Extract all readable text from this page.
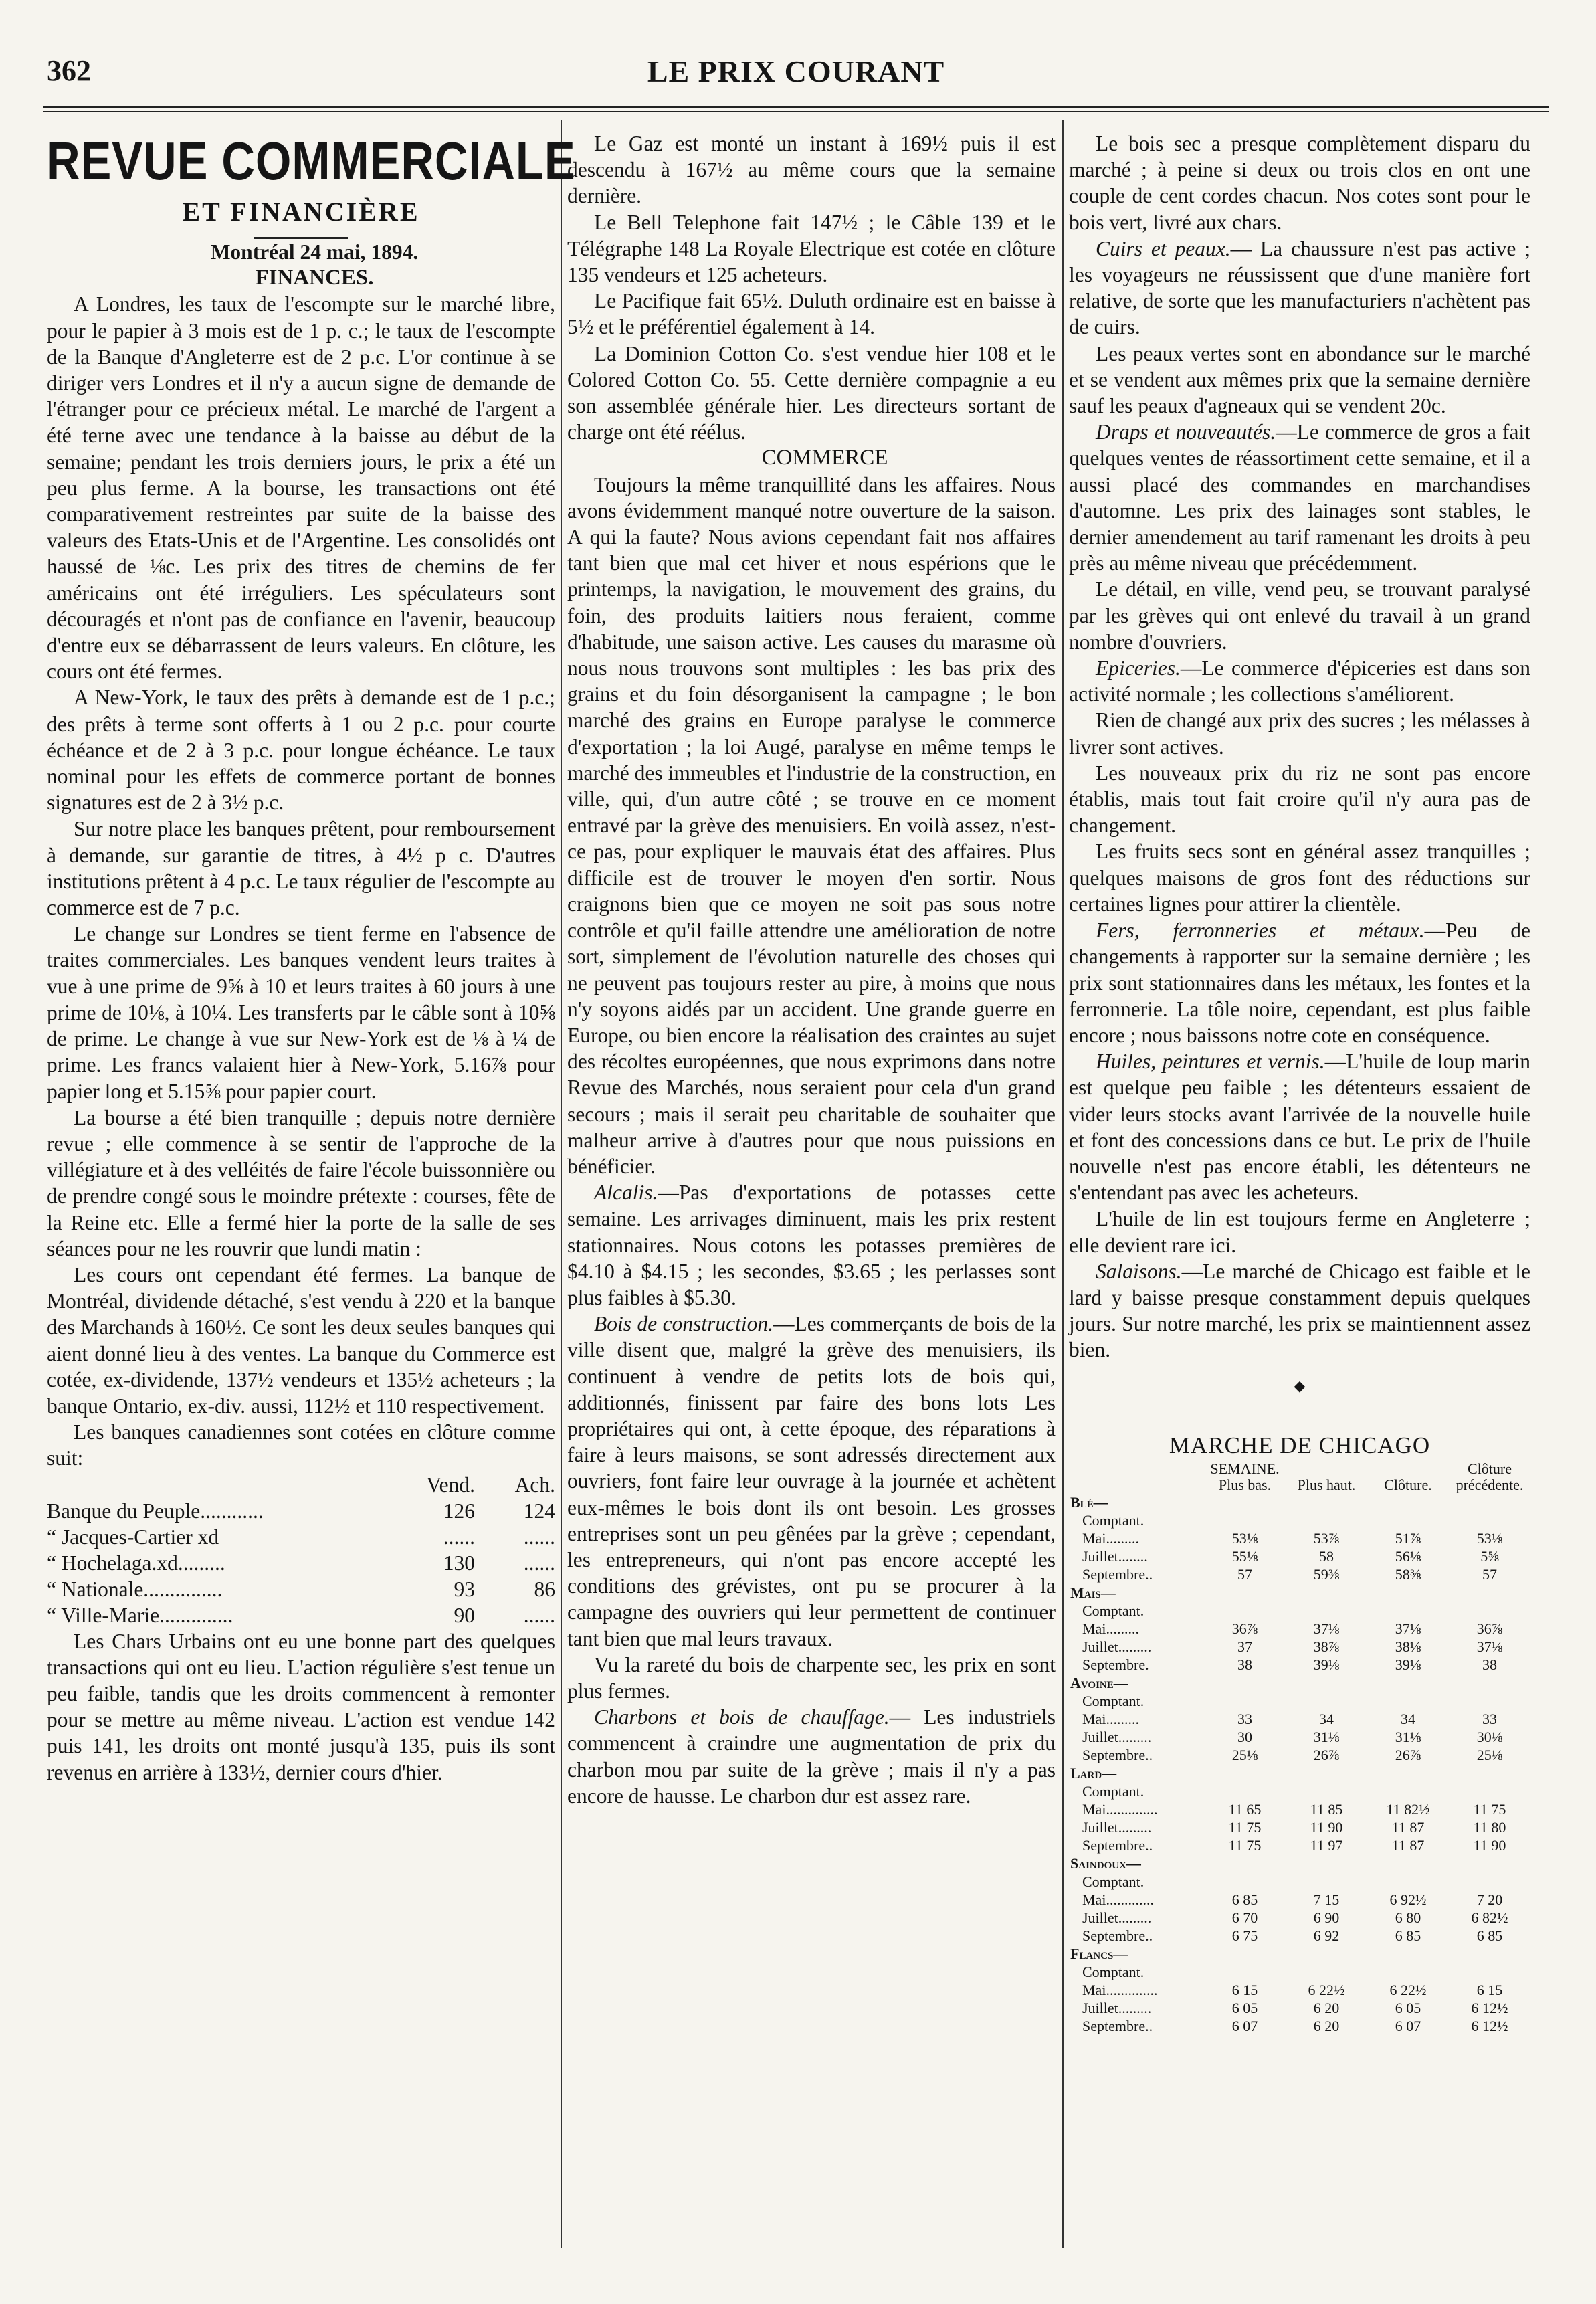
362	LE PRIX COURANT
REVUE COMMERCIALE
ET FINANCIÈRE

Montréal 24 mai, 1894.

FINANCES.

A Londres, les taux de l'escompte sur le marché libre, pour le papier à 3 mois est de 1 p. c.; le taux de l'escompte de la Banque d'Angleterre est de 2 p.c. L'or continue à se diriger vers Londres et il n'y a aucun signe de demande de l'étranger pour ce précieux métal. Le marché de l'argent a été terne avec une tendance à la baisse au début de la semaine; pendant les trois derniers jours, le prix a été un peu plus ferme. A la bourse, les transactions ont été comparativement restreintes par suite de la baisse des valeurs des Etats-Unis et de l'Argentine. Les consolidés ont haussé de ⅛c. Les prix des titres de chemins de fer américains ont été irréguliers. Les spéculateurs sont découragés et n'ont pas de confiance en l'avenir, beaucoup d'entre eux se débarrassent de leurs valeurs. En clôture, les cours ont été fermes.

A New-York, le taux des prêts à demande est de 1 p.c.; des prêts à terme sont offerts à 1 ou 2 p.c. pour courte échéance et de 2 à 3 p.c. pour longue échéance. Le taux nominal pour les effets de commerce portant de bonnes signatures est de 2 à 3½ p.c.

Sur notre place les banques prêtent, pour remboursement à demande, sur garantie de titres, à 4½ p c. D'autres institutions prêtent à 4 p.c. Le taux régulier de l'escompte au commerce est de 7 p.c.

Le change sur Londres se tient ferme en l'absence de traites commerciales. Les banques vendent leurs traites à vue à une prime de 9⅝ à 10 et leurs traites à 60 jours à une prime de 10⅛, à 10¼. Les transferts par le câble sont à 10⅝ de prime. Le change à vue sur New-York est de ⅛ à ¼ de prime. Les francs valaient hier à New-York, 5.16⅞ pour papier long et 5.15⅝ pour papier court.

La bourse a été bien tranquille ; depuis notre dernière revue ; elle commence à se sentir de l'approche de la villégiature et à des velléités de faire l'école buissonnière ou de prendre congé sous le moindre prétexte : courses, fête de la Reine etc. Elle a fermé hier la porte de la salle de ses séances pour ne les rouvrir que lundi matin :

Les cours ont cependant été fermes. La banque de Montréal, dividende détaché, s'est vendu à 220 et la banque des Marchands à 160½. Ce sont les deux seules banques qui aient donné lieu à des ventes. La banque du Commerce est cotée, ex-dividende, 137½ vendeurs et 135½ acheteurs ; la banque Ontario, ex-div. aussi, 112½ et 110 respectivement.

Les banques canadiennes sont cotées en clôture comme suit:

	Vend.	Ach.
Banque du Peuple............	126	124
“ Jacques-Cartier xd	......	......
“ Hochelaga.xd.........	130	......
“ Nationale...............	93	86
“ Ville-Marie..............	90	......

Les Chars Urbains ont eu une bonne part des quelques transactions qui ont eu lieu. L'action régulière s'est tenue un peu faible, tandis que les droits commencent à remonter pour se mettre au même niveau. L'action est vendue 142 puis 141, les droits ont monté jusqu'à 135, puis ils sont revenus en arrière à 133½, dernier cours d'hier.

Le Gaz est monté un instant à 169½ puis il est descendu à 167½ au même cours que la semaine dernière.

Le Bell Telephone fait 147½ ; le Câble 139 et le Télégraphe 148 La Royale Electrique est cotée en clôture 135 vendeurs et 125 acheteurs.

Le Pacifique fait 65½. Duluth ordinaire est en baisse à 5½ et le préférentiel également à 14.

La Dominion Cotton Co. s'est vendue hier 108 et le Colored Cotton Co. 55. Cette dernière compagnie a eu son assemblée générale hier. Les directeurs sortant de charge ont été réélus.

COMMERCE

Toujours la même tranquillité dans les affaires. Nous avons évidemment manqué notre ouverture de la saison. A qui la faute? Nous avions cependant fait nos affaires tant bien que mal cet hiver et nous espérions que le printemps, la navigation, le mouvement des grains, du foin, des produits laitiers nous feraient, comme d'habitude, une saison active. Les causes du marasme où nous nous trouvons sont multiples : les bas prix des grains et du foin désorganisent la campagne ; le bon marché des grains en Europe paralyse le commerce d'exportation ; la loi Augé, paralyse en même temps le marché des immeubles et l'industrie de la construction, en ville, qui, d'un autre côté ; se trouve en ce moment entravé par la grève des menuisiers. En voilà assez, n'est-ce pas, pour expliquer le mauvais état des affaires. Plus difficile est de trouver le moyen d'en sortir. Nous craignons bien que ce moyen ne soit pas sous notre contrôle et qu'il faille attendre une amélioration de notre sort, simplement de l'évolution naturelle des choses qui ne peuvent pas toujours rester au pire, à moins que nous n'y soyons aidés par un accident. Une grande guerre en Europe, ou bien encore la réalisation des craintes au sujet des récoltes européennes, que nous exprimons dans notre Revue des Marchés, nous seraient pour cela d'un grand secours ; mais il serait peu charitable de souhaiter que malheur arrive à d'autres pour que nous puissions en bénéficier.

Alcalis.—Pas d'exportations de potasses cette semaine. Les arrivages diminuent, mais les prix restent stationnaires. Nous cotons les potasses premières de $4.10 à $4.15 ; les secondes, $3.65 ; les perlasses sont plus faibles à $5.30.

Bois de construction.—Les commerçants de bois de la ville disent que, malgré la grève des menuisiers, ils continuent à vendre de petits lots de bois qui, additionnés, finissent par faire des bons lots Les propriétaires qui ont, à cette époque, des réparations à faire à leurs maisons, se sont adressés directement aux ouvriers, font faire leur ouvrage à la journée et achètent eux-mêmes le bois dont ils ont besoin. Les grosses entreprises sont un peu gênées par la grève ; cependant, les entrepreneurs, qui n'ont pas encore accepté les conditions des grévistes, ont pu se procurer à la campagne des ouvriers qui leur permettent de continuer tant bien que mal leurs travaux.

Vu la rareté du bois de charpente sec, les prix en sont plus fermes.

Charbons et bois de chauffage.— Les industriels commencent à craindre une augmentation de prix du charbon mou par suite de la grève ; mais il n'y a pas encore de hausse. Le charbon dur est assez rare.

Le bois sec a presque complètement disparu du marché ; à peine si deux ou trois clos en ont une couple de cent cordes chacun. Nos cotes sont pour le bois vert, livré aux chars.

Cuirs et peaux.— La chaussure n'est pas active ; les voyageurs ne réussissent que d'une manière fort relative, de sorte que les manufacturiers n'achètent pas de cuirs.

Les peaux vertes sont en abondance sur le marché et se vendent aux mêmes prix que la semaine dernière sauf les peaux d'agneaux qui se vendent 20c.

Draps et nouveautés.—Le commerce de gros a fait quelques ventes de réassortiment cette semaine, et il a aussi placé des commandes en marchandises d'automne. Les prix des lainages sont stables, le dernier amendement au tarif ramenant les droits à peu près au même niveau que précédemment.

Le détail, en ville, vend peu, se trouvant paralysé par les grèves qui ont enlevé du travail à un grand nombre d'ouvriers.

Epiceries.—Le commerce d'épiceries est dans son activité normale ; les collections s'améliorent.

Rien de changé aux prix des sucres ; les mélasses à livrer sont actives.

Les nouveaux prix du riz ne sont pas encore établis, mais tout fait croire qu'il n'y aura pas de changement.

Les fruits secs sont en général assez tranquilles ; quelques maisons de gros font des réductions sur certaines lignes pour attirer la clientèle.

Fers, ferronneries et métaux.—Peu de changements à rapporter sur la semaine dernière ; les prix sont stationnaires dans les métaux, les fontes et la ferronnerie. La tôle noire, cependant, est plus faible encore ; nous baissons notre cote en conséquence.

Huiles, peintures et vernis.—L'huile de loup marin est quelque peu faible ; les détenteurs essaient de vider leurs stocks avant l'arrivée de la nouvelle huile et font des concessions dans ce but. Le prix de l'huile nouvelle n'est pas encore établi, les détenteurs ne s'entendant pas avec les acheteurs.

L'huile de lin est toujours ferme en Angleterre ; elle devient rare ici.

Salaisons.—Le marché de Chicago est faible et le lard y baisse presque constamment depuis quelques jours. Sur notre marché, les prix se maintiennent assez bien.

◆
MARCHE DE CHICAGO
	SEMAINE.
Plus bas.	Plus haut.	Clôture.	Clôture précédente.
Blé—				
Comptant.				
Mai.........	53⅛	53⅞	51⅞	53⅛
Juillet........	55⅛	58	56⅛	5⅝
Septembre..	57	59⅜	58⅜	57
Mais—				
Comptant.				
Mai.........	36⅞	37⅛	37⅛	36⅞
Juillet.........	37	38⅞	38⅛	37⅛
Septembre.	38	39⅛	39⅛	38
Avoine—				
Comptant.				
Mai.........	33	34	34	33
Juillet.........	30	31⅛	31⅛	30⅛
Septembre..	25⅛	26⅞	26⅞	25⅛
Lard—				
Comptant.				
Mai..............	11 65	11 85	11 82½	11 75
Juillet.........	11 75	11 90	11 87	11 80
Septembre..	11 75	11 97	11 87	11 90
Saindoux—				
Comptant.				
Mai.............	6 85	7 15	6 92½	7 20
Juillet.........	6 70	6 90	6 80	6 82½
Septembre..	6 75	6 92	6 85	6 85
Flancs—				
Comptant.				
Mai..............	6 15	6 22½	6 22½	6 15
Juillet.........	6 05	6 20	6 05	6 12½
Septembre..	6 07	6 20	6 07	6 12½
